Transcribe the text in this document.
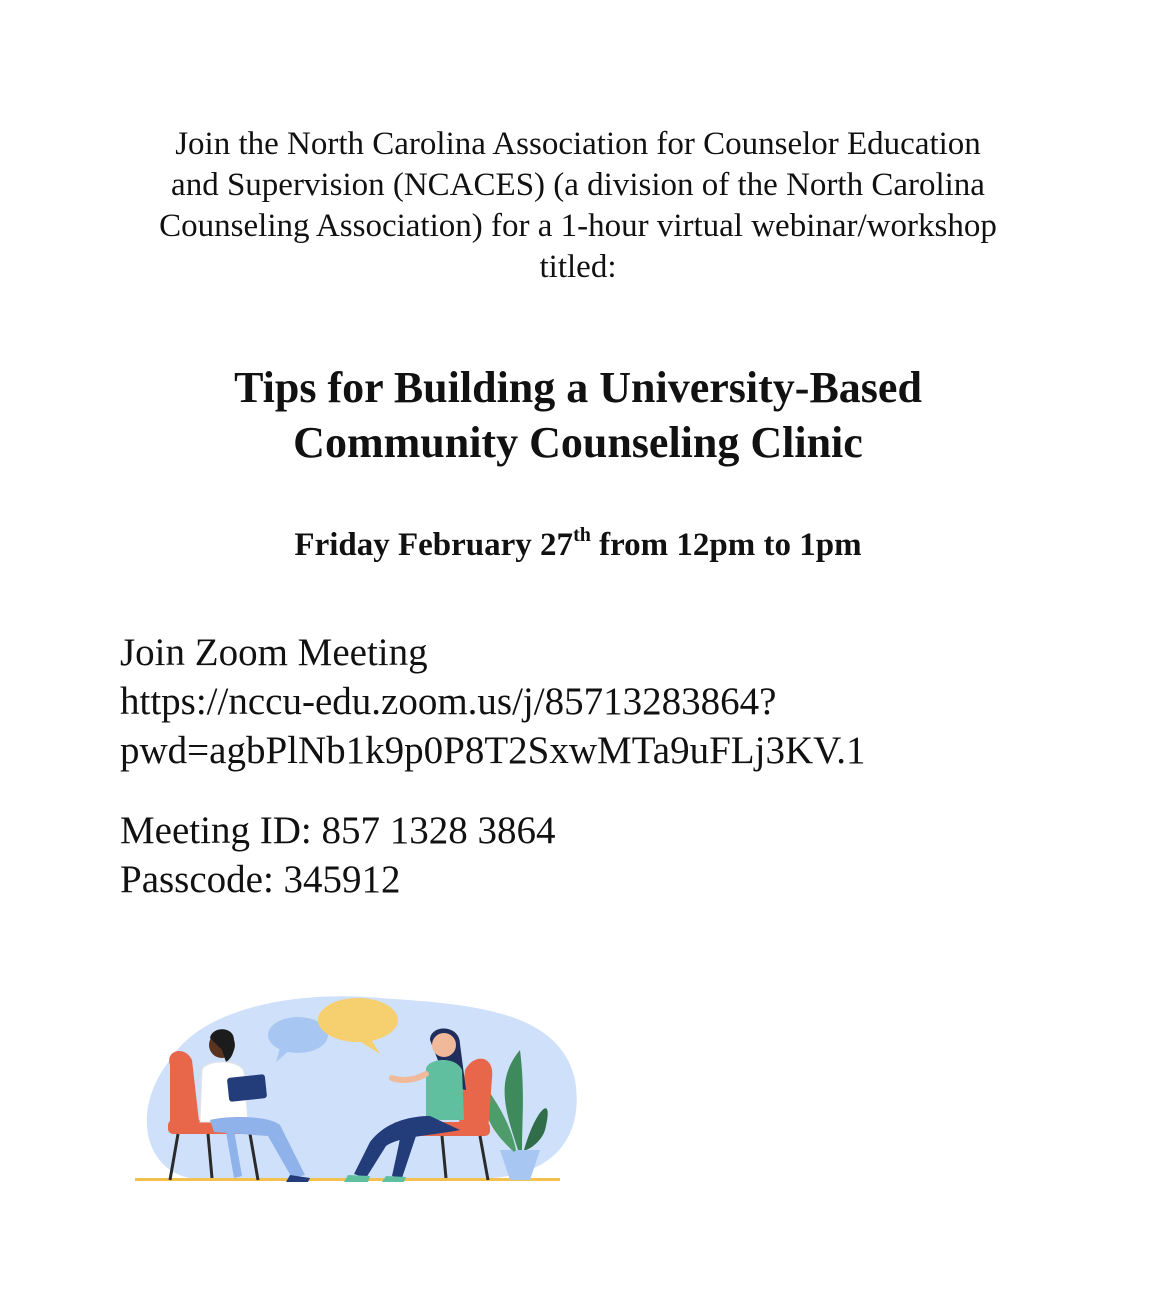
Join the North Carolina Association for Counselor Education
and Supervision (NCACES) (a division of the North Carolina
Counseling Association) for a 1-hour virtual webinar/workshop
titled:
Tips for Building a University-Based
Community Counseling Clinic
Friday February 27th from 12pm to 1pm
Join Zoom Meeting
https://nccu-edu.zoom.us/j/85713283864?
pwd=agbPlNb1k9p0P8T2SxwMTa9uFLj3KV.1
Meeting ID: 857 1328 3864
Passcode: 345912
